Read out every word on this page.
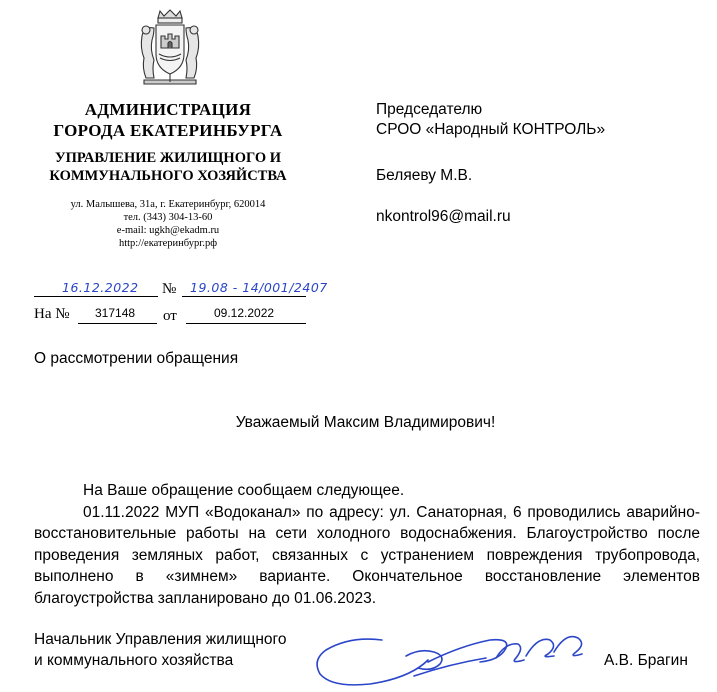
АДМИНИСТРАЦИЯ
ГОРОДА ЕКАТЕРИНБУРГА
УПРАВЛЕНИЕ ЖИЛИЩНОГО И
КОММУНАЛЬНОГО ХОЗЯЙСТВА
ул. Малышева, 31а, г. Екатеринбург, 620014
тел. (343) 304-13-60
e-mail: ugkh@ekadm.ru
http://екатеринбург.рф
16.12.2022 № 19.08 - 14/001/2407
На № 317148 от	09.12.2022
Председателю
СРОО «Народный КОНТРОЛЬ»
Беляеву М.В.
nkontrol96@mail.ru
О рассмотрении обращения
Уважаемый Максим Владимирович!

На Ваше обращение сообщаем следующее.

01.11.2022 МУП «Водоканал» по адресу: ул. Санаторная, 6 проводились аварийно-восстановительные работы на сети холодного водоснабжения. Благоустройство после проведения земляных работ, связанных с устранением повреждения трубопровода, выполнено в «зимнем» варианте. Окончательное восстановление элементов благоустройства запланировано до 01.06.2023.

Начальник Управления жилищного
и коммунального хозяйства	А.В. Брагин
